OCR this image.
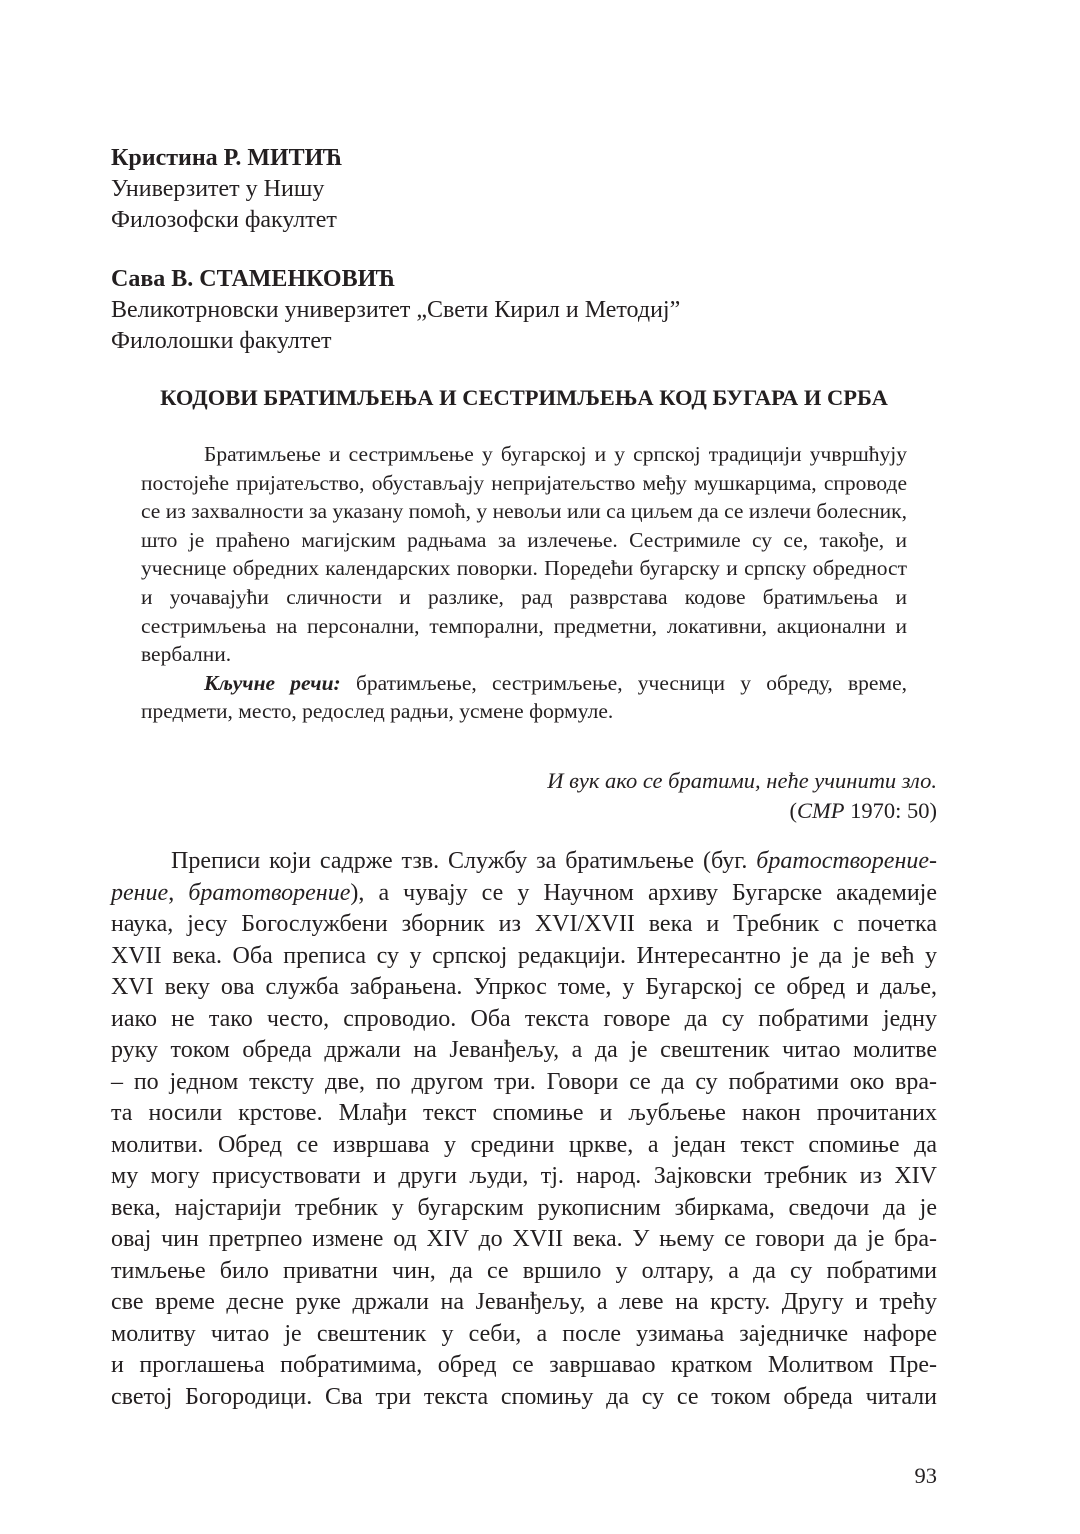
Кристина Р. МИТИЋ
Универзитет у Нишу
Филозофски факултет
Сава В. СТАМЕНКОВИЋ
Великотрновски универзитет „Свети Кирил и Методиј”
Филолошки факултет
КОДОВИ БРАТИМЉЕЊА И СЕСТРИМЉЕЊА КОД БУГАРА И СРБА

Братимљење и сестримљење у бугарској и у српској традицији учвршћују постојеће пријатељство, обустављају непријатељство међу мушкарцима, спроводе се из захвалности за указану помоћ, у невољи или са циљем да се излечи болесник, што је праћено магијским радњама за излечење. Сестримиле су се, такође, и учеснице обредних календарских поворки. Поредећи бугарску и српску обредност и уочавајући сличности и разлике, рад разврстава кодове братимљења и сестримљења на персонални, темпорални, предметни, локативни, акционални и вербални.

Кључне речи: братимљење, сестримљење, учесници у обреду, време, предмети, место, редослед радњи, усмене формуле.

И вук ако се братими, неће учинити зло.
(СМР 1970: 50)
Преписи који садрже тзв. Службу за братимљење (буг. братостворение-
рение, братотворение), а чувају се у Научном архиву Бугарске академије
наука, јесу Богослужбени зборник из XVI/XVII века и Требник с почетка
XVII века. Оба преписа су у српској редакцији. Интересантно је да је већ у
XVI веку ова служба забрањена. Упркос томе, у Бугарској се обред и даље,
иако не тако често, спроводио. Оба текста говоре да су побратими једну
руку током обреда држали на Јеванђељу, а да је свештеник читао молитве
– по једном тексту две, по другом три. Говори се да су побратими око вра-
та носили крстове. Млађи текст спомиње и љубљење након прочитаних
молитви. Обред се извршава у средини цркве, а један текст спомиње да
му могу присуствовати и други људи, тј. народ. Зајковски требник из XIV
века, најстарији требник у бугарским рукописним збиркама, сведочи да је
овај чин претрпео измене од XIV до XVII века. У њему се говори да је бра-
тимљење било приватни чин, да се вршило у олтару, а да су побратими
све време десне руке држали на Јеванђељу, а леве на крсту. Другу и трећу
молитву читао је свештеник у себи, а после узимања заједничке нафоре
и проглашења побратимима, обред се завршавао кратком Молитвом Пре-
светој Богородици. Сва три текста спомињу да су се током обреда читали
93
